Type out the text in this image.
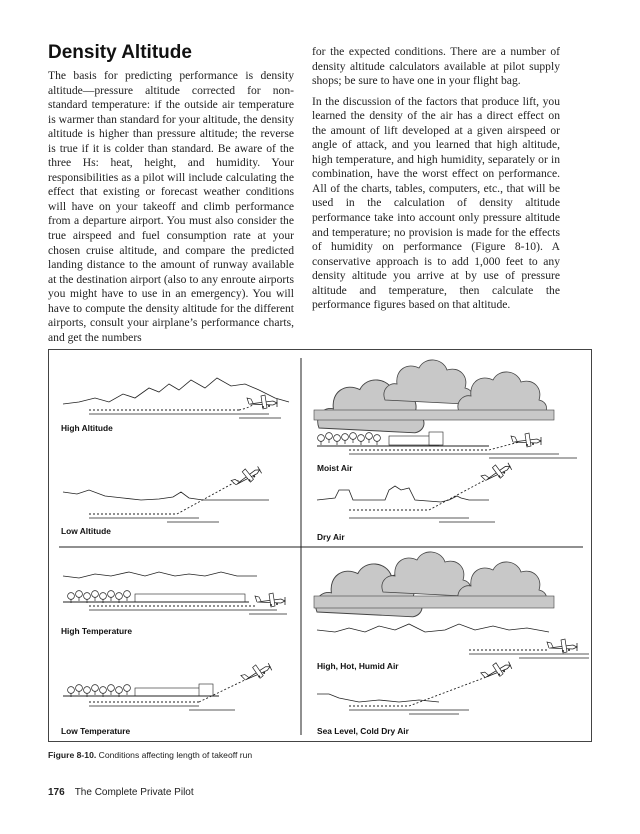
Density Altitude

The basis for predicting performance is density altitude—pressure altitude corrected for non-standard temperature: if the outside air temperature is warmer than standard for your altitude, the density altitude is higher than pressure altitude; the reverse is true if it is colder than standard. Be aware of the three Hs: heat, height, and humidity. Your responsibilities as a pilot will include calculating the effect that existing or forecast weather conditions will have on your takeoff and climb performance from a departure airport. You must also consider the true airspeed and fuel consumption rate at your chosen cruise altitude, and compare the predicted landing distance to the amount of runway available at the destination airport (also to any enroute airports you might have to use in an emergency). You will have to compute the density altitude for the different airports, consult your airplane’s performance charts, and get the numbers

for the expected conditions. There are a number of density altitude calculators available at pilot supply shops; be sure to have one in your flight bag.

In the discussion of the factors that produce lift, you learned the density of the air has a direct effect on the amount of lift developed at a given airspeed or angle of attack, and you learned that high altitude, high temperature, and high humidity, separately or in combination, have the worst effect on performance. All of the charts, tables, computers, etc., that will be used in the calculation of density altitude performance take into account only pressure altitude and temperature; no provision is made for the effects of humidity on performance (Figure 8-10). A conservative approach is to add 1,000 feet to any density altitude you arrive at by use of pressure altitude and temperature, then calculate the performance figures based on that altitude.

High Altitude
Low Altitude
High Temperature
Low Temperature
Moist Air
Dry Air
High, Hot, Humid Air
Sea Level, Cold Dry Air
Figure 8-10. Conditions affecting length of takeoff run
176 The Complete Private Pilot
